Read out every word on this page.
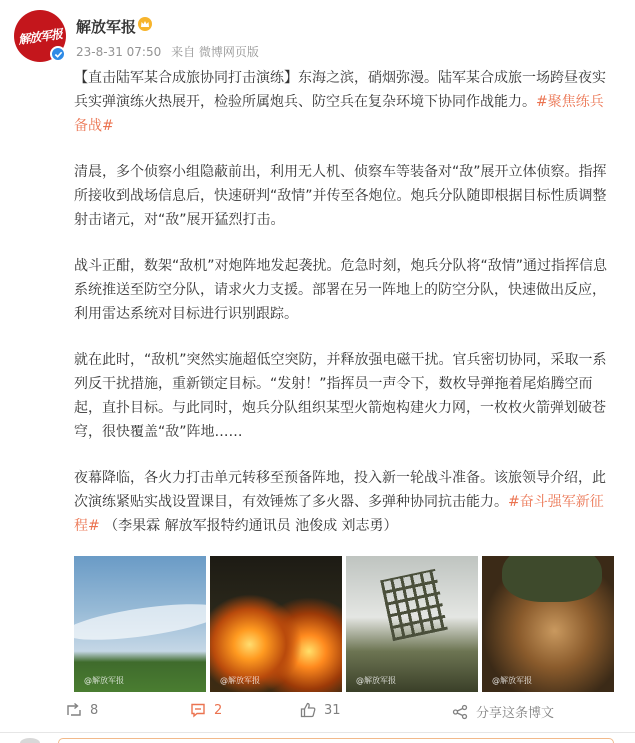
解放军报 解放军报
23-8-31 07:50 来自 微博网页版

【直击陆军某合成旅协同打击演练】东海之滨，硝烟弥漫。陆军某合成旅一场跨昼夜实兵实弹演练火热展开，检验所属炮兵、防空兵在复杂环境下协同作战能力。#聚焦练兵备战#

清晨，多个侦察小组隐蔽前出，利用无人机、侦察车等装备对“敌”展开立体侦察。指挥所接收到战场信息后，快速研判“敌情”并传至各炮位。炮兵分队随即根据目标性质调整射击诸元，对“敌”展开猛烈打击。

战斗正酣，数架“敌机”对炮阵地发起袭扰。危急时刻，炮兵分队将“敌情”通过指挥信息系统推送至防空分队，请求火力支援。部署在另一阵地上的防空分队，快速做出反应，利用雷达系统对目标进行识别跟踪。

就在此时，“敌机”突然实施超低空突防，并释放强电磁干扰。官兵密切协同，采取一系列反干扰措施，重新锁定目标。“发射！”指挥员一声令下，数枚导弹拖着尾焰腾空而起，直扑目标。与此同时，炮兵分队组织某型火箭炮构建火力网，一枚枚火箭弹划破苍穹，很快覆盖“敌”阵地……

夜幕降临，各火力打击单元转移至预备阵地，投入新一轮战斗准备。该旅领导介绍，此次演练紧贴实战设置课目，有效锤炼了多火器、多弹种协同抗击能力。#奋斗强军新征程# （李果霖 解放军报特约通讯员 池俊成 刘志勇）

@解放军报	@解放军报	@解放军报	@解放军报
8	2	31	分享这条博文
